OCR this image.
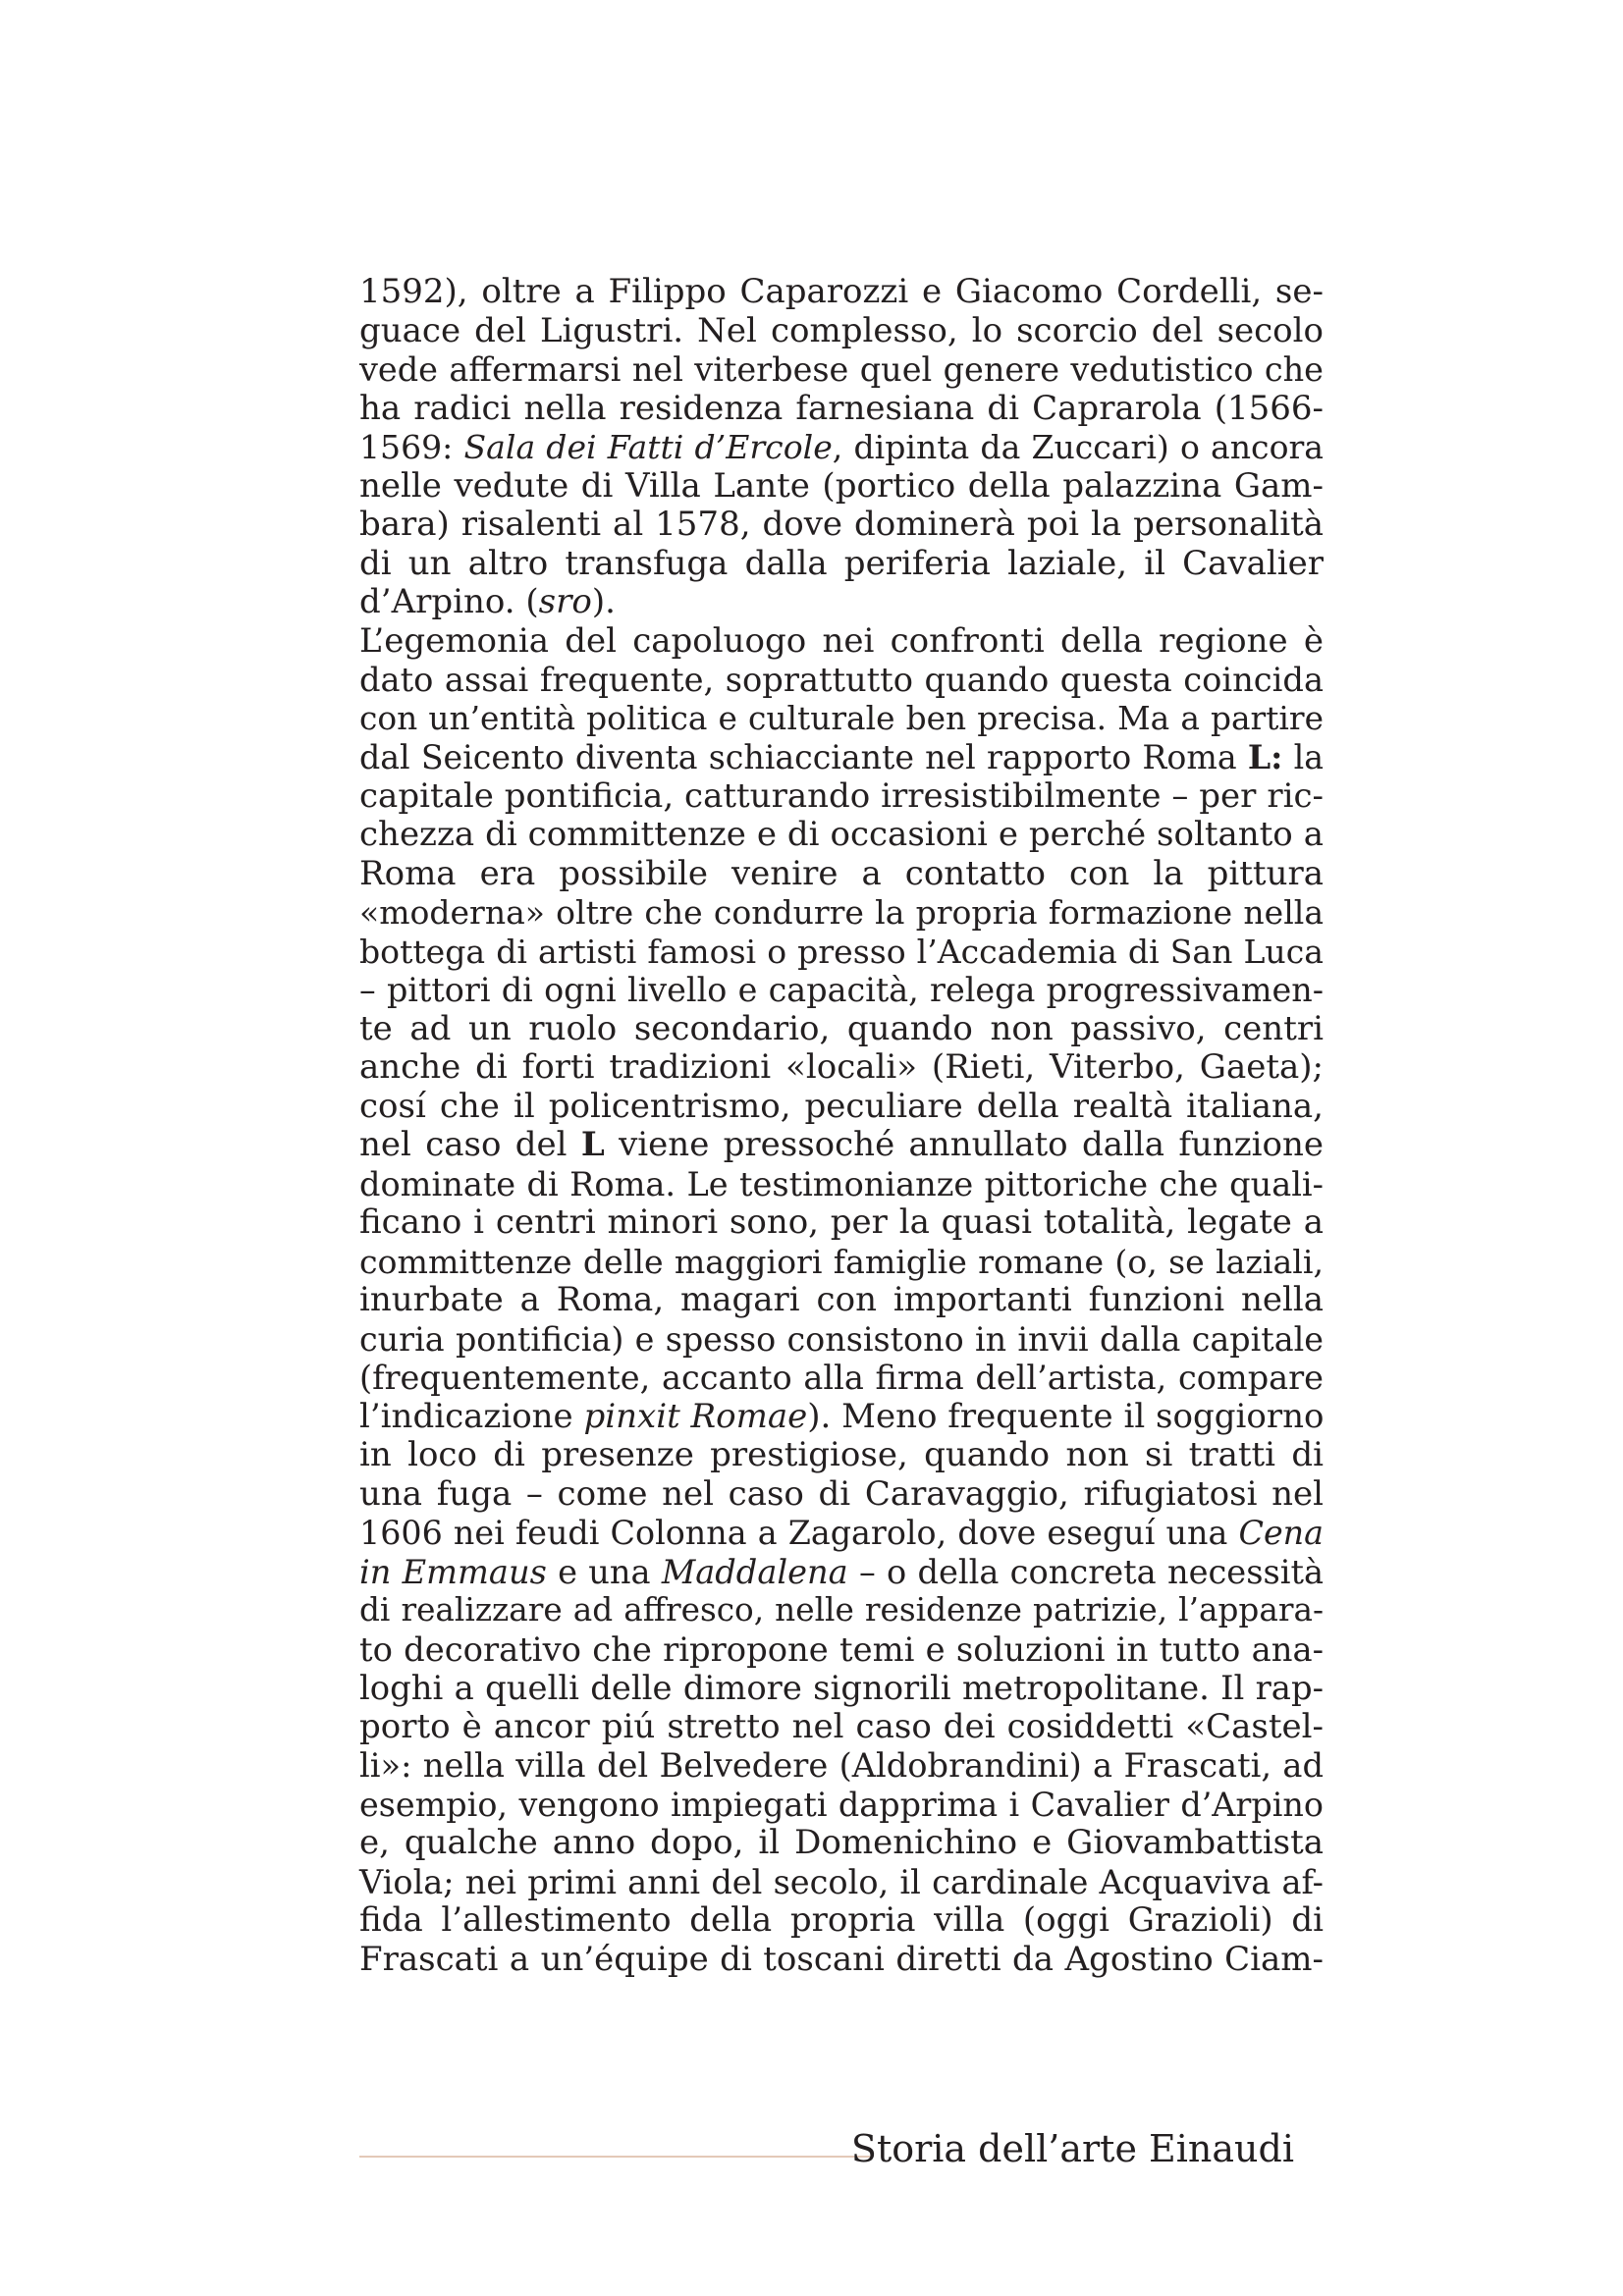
1592), oltre a Filippo Caparozzi e Giacomo Cordelli, se-
guace del Ligustri. Nel complesso, lo scorcio del secolo
vede affermarsi nel viterbese quel genere vedutistico che
ha radici nella residenza farnesiana di Caprarola (1566-
1569: Sala dei Fatti d’Ercole, dipinta da Zuccari) o ancora
nelle vedute di Villa Lante (portico della palazzina Gam-
bara) risalenti al 1578, dove dominerà poi la personalità
di un altro transfuga dalla periferia laziale, il Cavalier
d’Arpino. (sro).
L’egemonia del capoluogo nei confronti della regione è
dato assai frequente, soprattutto quando questa coincida
con un’entità politica e culturale ben precisa. Ma a partire
dal Seicento diventa schiacciante nel rapporto Roma L: la
capitale pontificia, catturando irresistibilmente – per ric-
chezza di committenze e di occasioni e perché soltanto a
Roma era possibile venire a contatto con la pittura
«moderna» oltre che condurre la propria formazione nella
bottega di artisti famosi o presso l’Accademia di San Luca
– pittori di ogni livello e capacità, relega progressivamen-
te ad un ruolo secondario, quando non passivo, centri
anche di forti tradizioni «locali» (Rieti, Viterbo, Gaeta);
cosí che il policentrismo, peculiare della realtà italiana,
nel caso del L viene pressoché annullato dalla funzione
dominate di Roma. Le testimonianze pittoriche che quali-
ficano i centri minori sono, per la quasi totalità, legate a
committenze delle maggiori famiglie romane (o, se laziali,
inurbate a Roma, magari con importanti funzioni nella
curia pontificia) e spesso consistono in invii dalla capitale
(frequentemente, accanto alla firma dell’artista, compare
l’indicazione pinxit Romae). Meno frequente il soggiorno
in loco di presenze prestigiose, quando non si tratti di
una fuga – come nel caso di Caravaggio, rifugiatosi nel
1606 nei feudi Colonna a Zagarolo, dove eseguí una Cena
in Emmaus e una Maddalena – o della concreta necessità
di realizzare ad affresco, nelle residenze patrizie, l’appara-
to decorativo che ripropone temi e soluzioni in tutto ana-
loghi a quelli delle dimore signorili metropolitane. Il rap-
porto è ancor piú stretto nel caso dei cosiddetti «Castel-
li»: nella villa del Belvedere (Aldobrandini) a Frascati, ad
esempio, vengono impiegati dapprima i Cavalier d’Arpino
e, qualche anno dopo, il Domenichino e Giovambattista
Viola; nei primi anni del secolo, il cardinale Acquaviva af-
fida l’allestimento della propria villa (oggi Grazioli) di
Frascati a un’équipe di toscani diretti da Agostino Ciam-
Storia dell’arte Einaudi
